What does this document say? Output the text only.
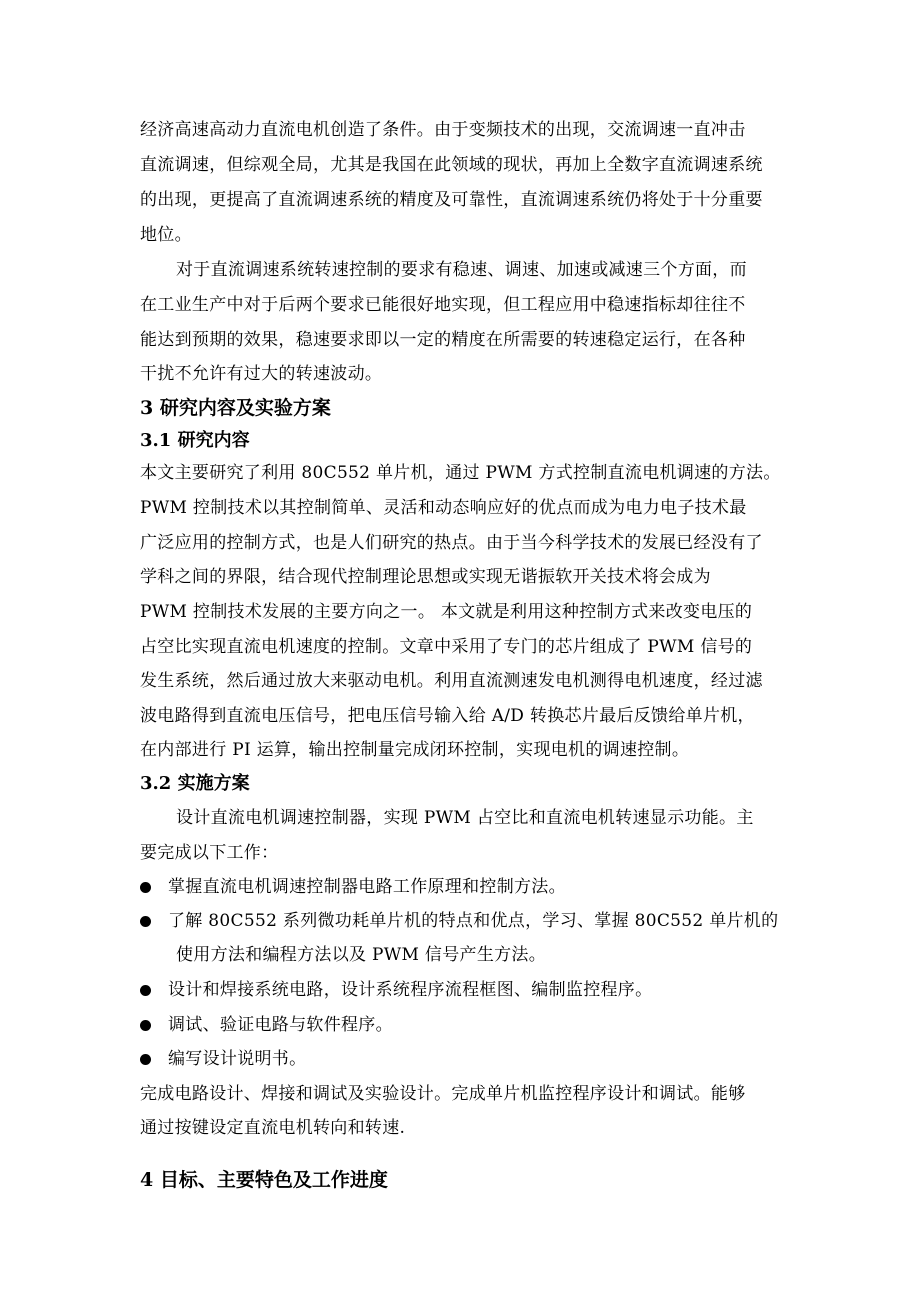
经济高速高动力直流电机创造了条件。由于变频技术的出现，交流调速一直冲击
直流调速，但综观全局，尤其是我国在此领域的现状，再加上全数字直流调速系统
的出现，更提高了直流调速系统的精度及可靠性，直流调速系统仍将处于十分重要
地位。
对于直流调速系统转速控制的要求有稳速、调速、加速或减速三个方面，而
在工业生产中对于后两个要求已能很好地实现，但工程应用中稳速指标却往往不
能达到预期的效果，稳速要求即以一定的精度在所需要的转速稳定运行，在各种
干扰不允许有过大的转速波动。
3 研究内容及实验方案
3.1 研究内容
本文主要研究了利用 80C552 单片机，通过 PWM 方式控制直流电机调速的方法。
PWM 控制技术以其控制简单、灵活和动态响应好的优点而成为电力电子技术最
广泛应用的控制方式，也是人们研究的热点。由于当今科学技术的发展已经没有了
学科之间的界限，结合现代控制理论思想或实现无谐振软开关技术将会成为
PWM 控制技术发展的主要方向之一。 本文就是利用这种控制方式来改变电压的
占空比实现直流电机速度的控制。文章中采用了专门的芯片组成了 PWM 信号的
发生系统，然后通过放大来驱动电机。利用直流测速发电机测得电机速度，经过滤
波电路得到直流电压信号，把电压信号输入给 A/D 转换芯片最后反馈给单片机，
在内部进行 PI 运算，输出控制量完成闭环控制，实现电机的调速控制。
3.2 实施方案
设计直流电机调速控制器，实现 PWM 占空比和直流电机转速显示功能。主
要完成以下工作：
掌握直流电机调速控制器电路工作原理和控制方法。
了解 80C552 系列微功耗单片机的特点和优点，学习、掌握 80C552 单片机的
使用方法和编程方法以及 PWM 信号产生方法。
设计和焊接系统电路，设计系统程序流程框图、编制监控程序。
调试、验证电路与软件程序。
编写设计说明书。
完成电路设计、焊接和调试及实验设计。完成单片机监控程序设计和调试。能够
通过按键设定直流电机转向和转速.
4 目标、主要特色及工作进度
